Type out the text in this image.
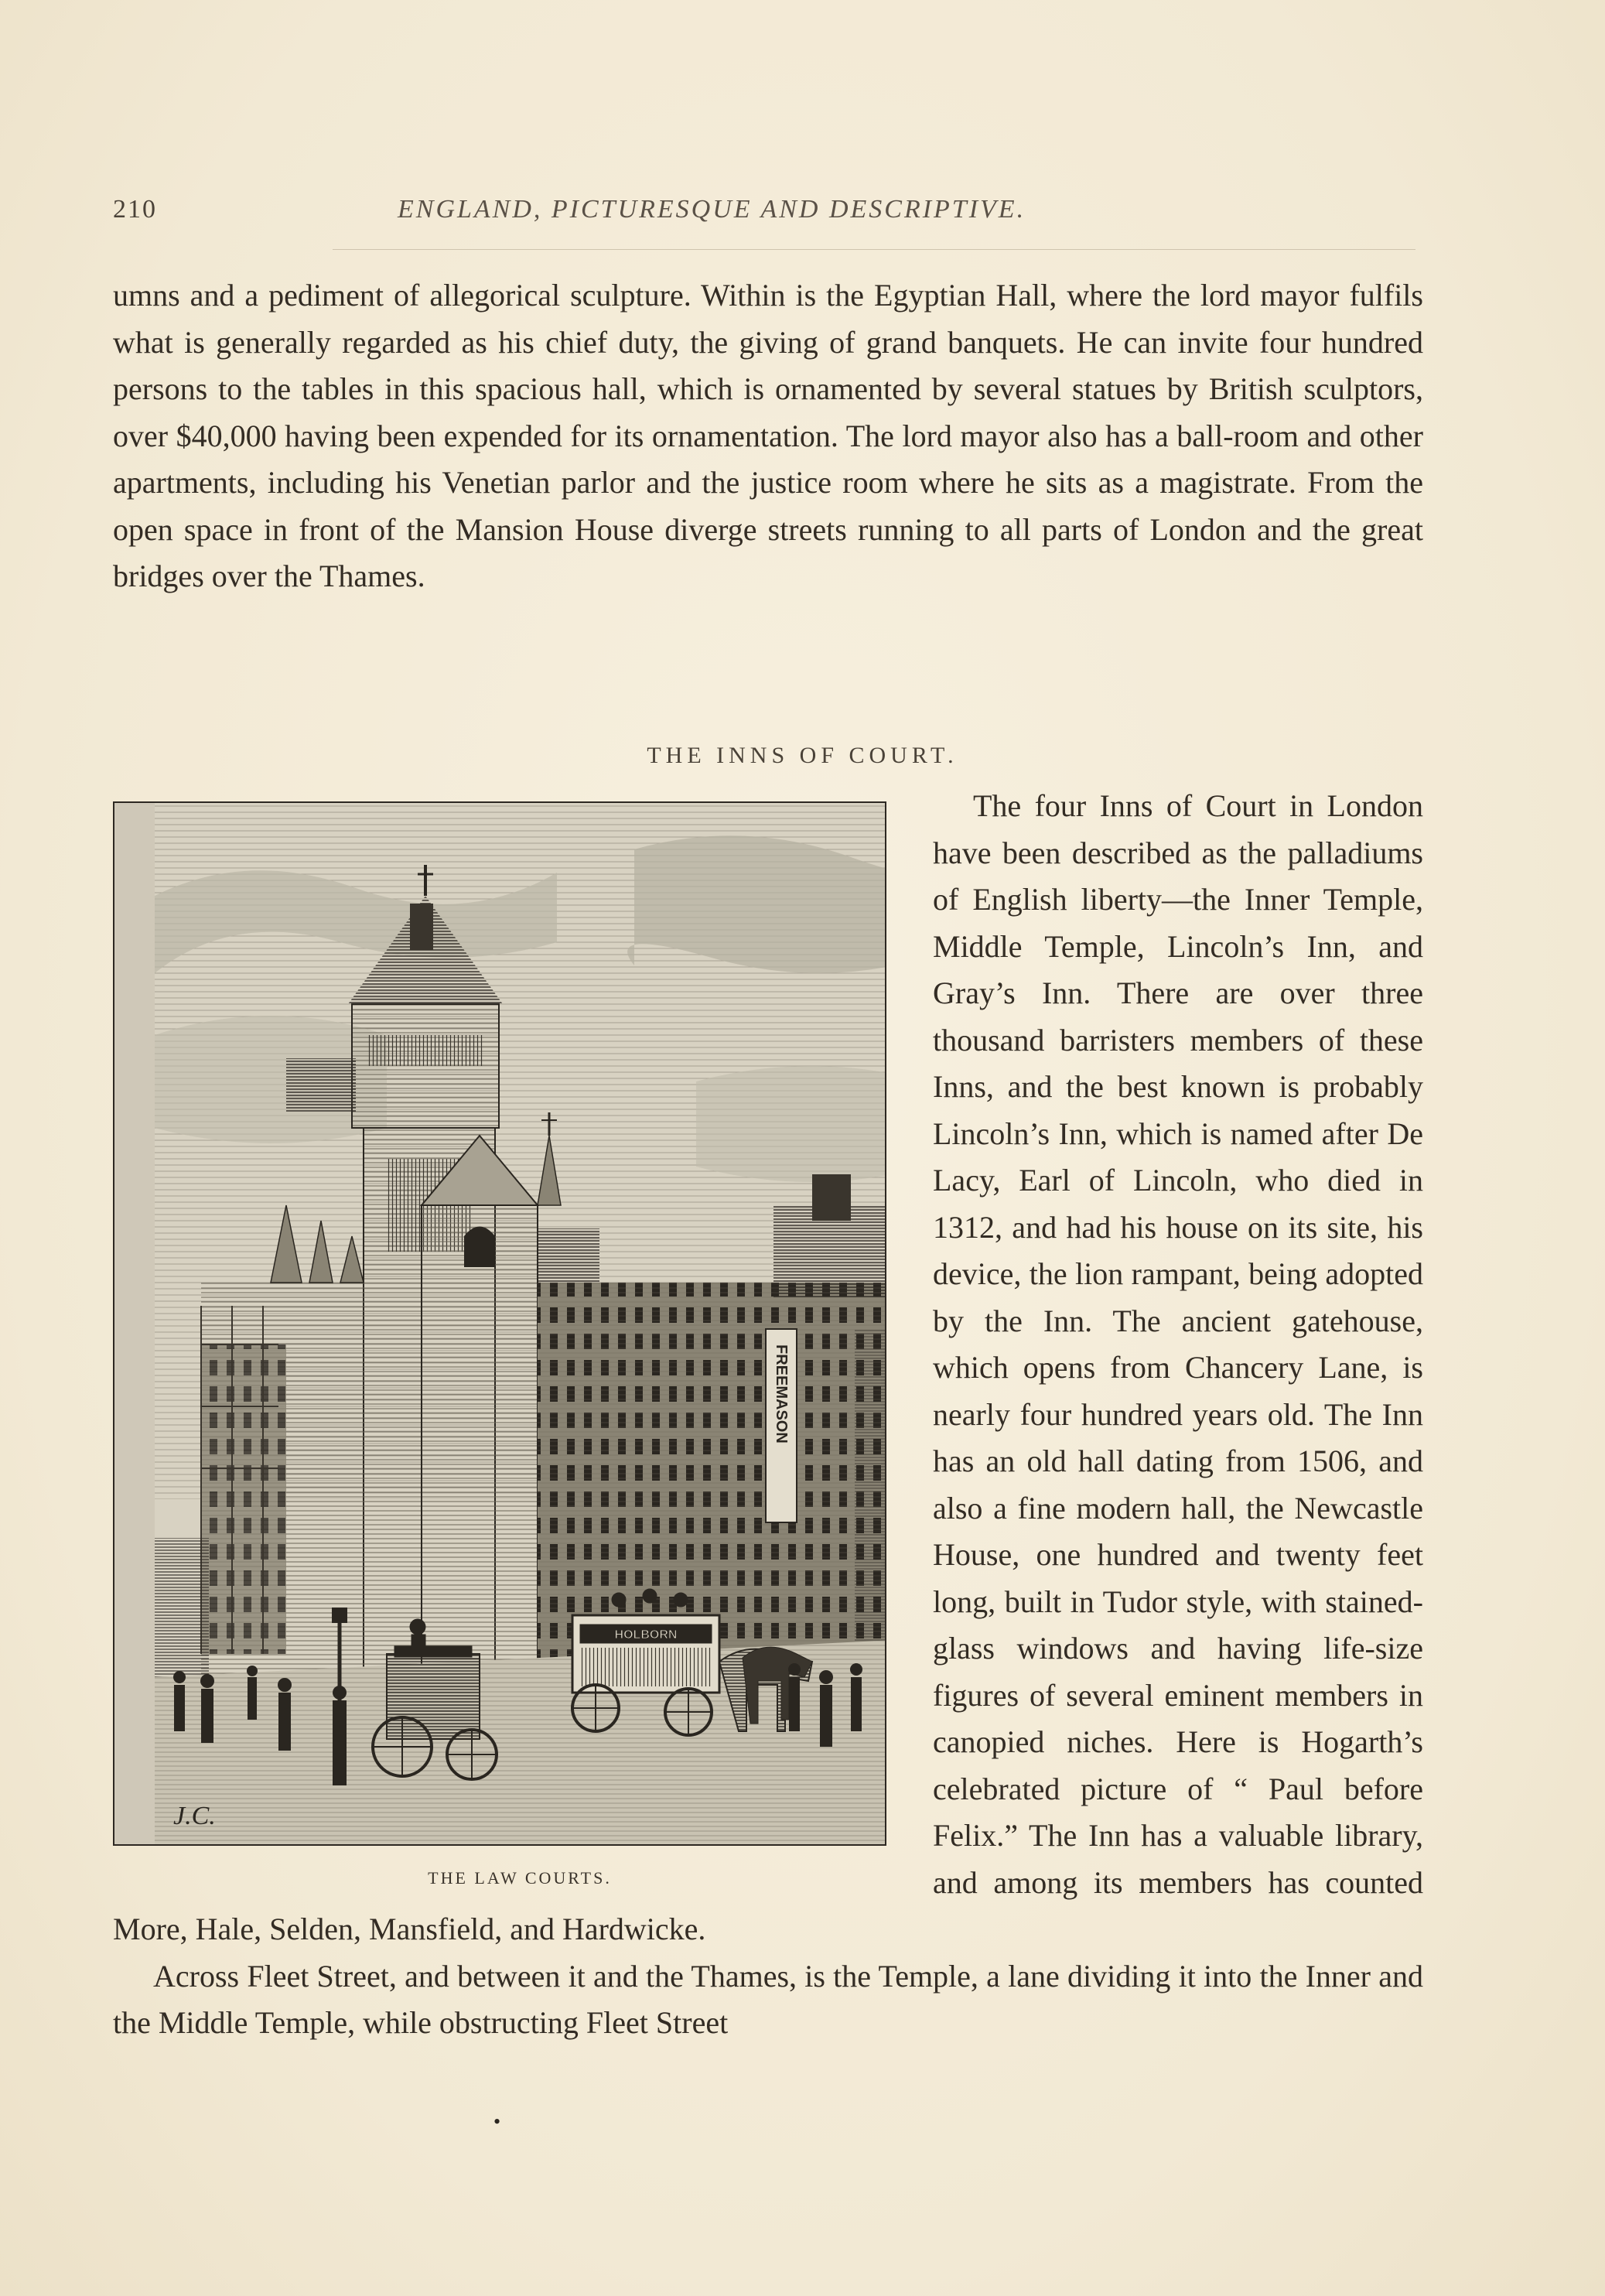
210	ENGLAND, PICTURESQUE AND DESCRIPTIVE.
umns and a pediment of allegorical sculpture. Within is the Egyptian Hall, where the lord mayor fulfils what is generally regarded as his chief duty, the giving of grand banquets. He can invite four hundred persons to the tables in this spacious hall, which is ornamented by several statues by British sculptors, over $40,000 having been expended for its ornamentation. The lord mayor also has a ball-room and other apartments, including his Venetian parlor and the justice room where he sits as a magistrate. From the open space in front of the Mansion House diverge streets running to all parts of London and the great bridges over the Thames.
THE INNS OF COURT.
FREEMASON
HOLBORN
J.C.
THE LAW COURTS.
The four Inns of Court in London have been described as the palladiums of English liberty—the Inner Temple, Middle Temple, Lincoln’s Inn, and Gray’s Inn. There are over three thousand barristers members of these Inns, and the best known is probably Lincoln’s Inn, which is named after De Lacy, Earl of Lincoln, who died in 1312, and had his house on its site, his device, the lion rampant, being adopted by the Inn. The ancient gatehouse, which opens from Chancery Lane, is nearly four hundred years old. The Inn has an old hall dating from 1506, and also a fine modern hall, the Newcastle House, one hundred and twenty feet long, built in Tudor style, with stained-glass windows and having life-size figures of several eminent members in canopied niches. Here is Hogarth’s celebrated picture of “ Paul before Felix.” The Inn has a valuable library, and among its members has counted More, Hale, Selden, Mansfield, and Hardwicke.
Across Fleet Street, and between it and the Thames, is the Temple, a lane dividing it into the Inner and the Middle Temple, while obstructing Fleet Street
•
